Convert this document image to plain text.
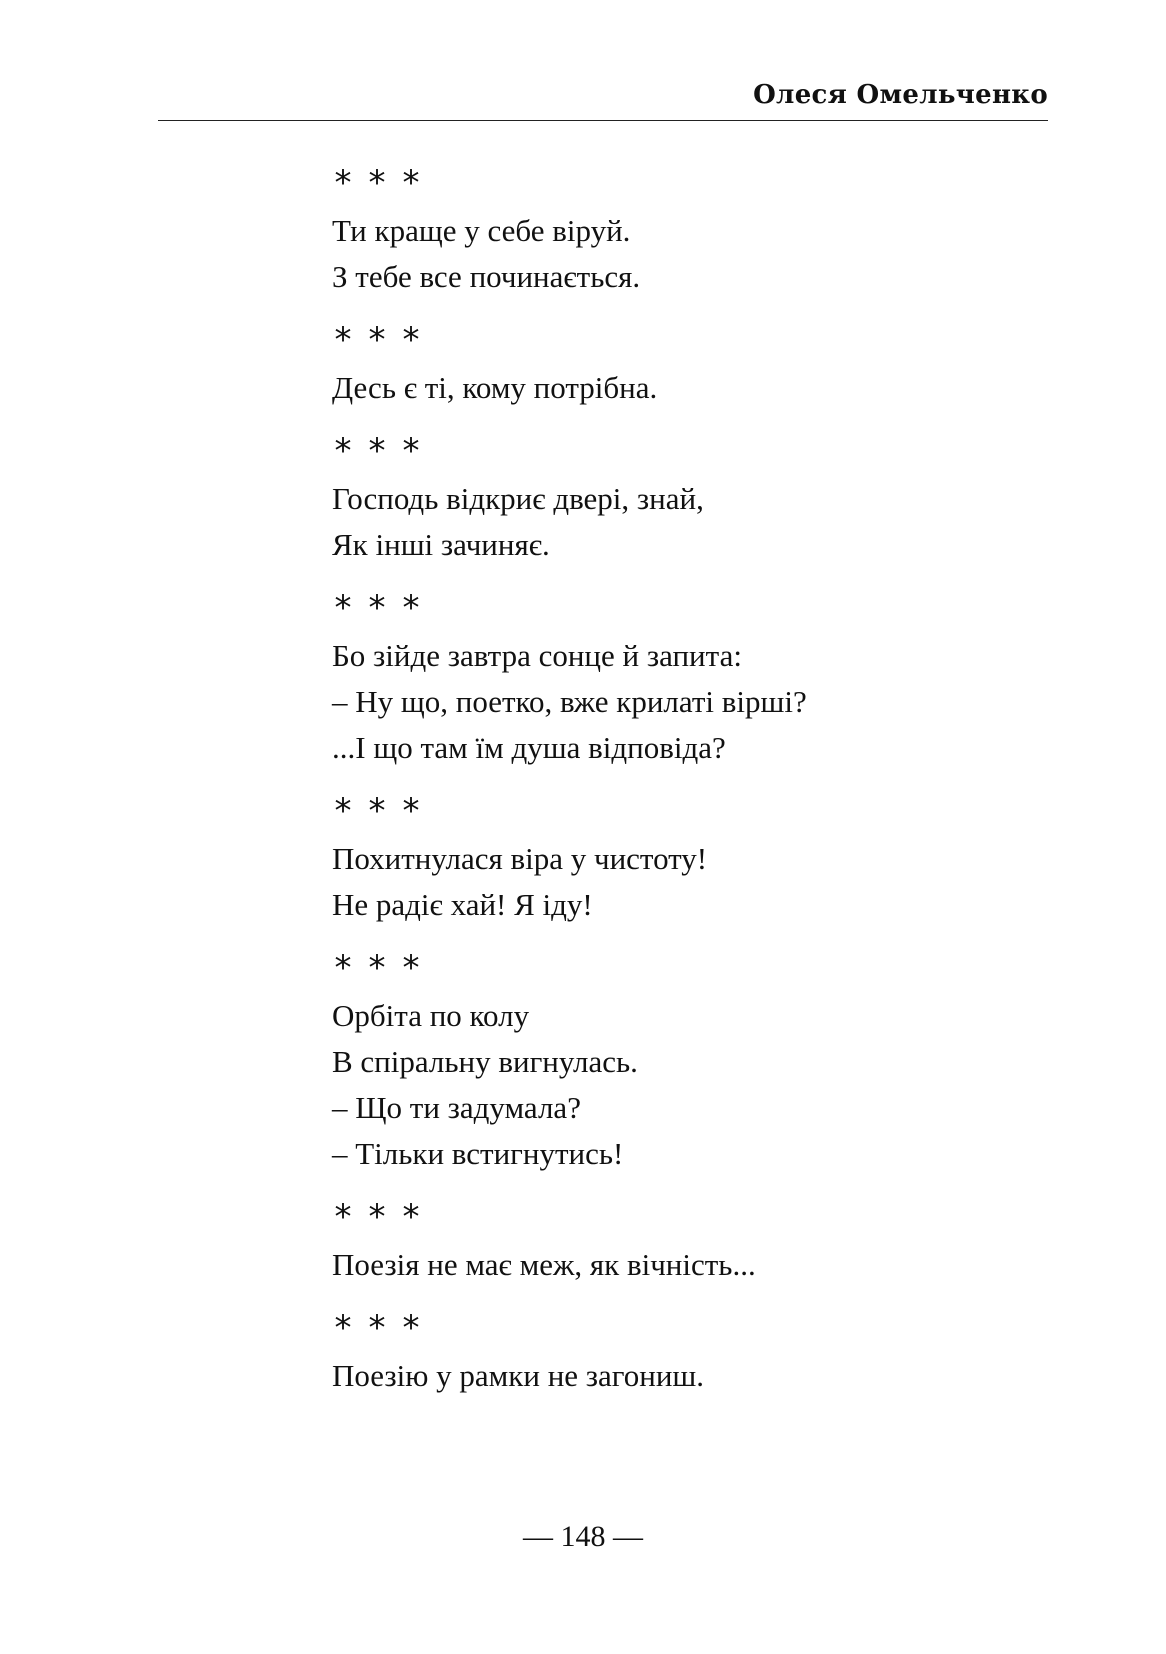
Олеся Омельченко
* * *
Ти краще у себе віруй.
З тебе все починається.
* * *
Десь є ті, кому потрібна.
* * *
Господь відкриє двері, знай,
Як інші зачиняє.
* * *
Бо зійде завтра сонце й запита:
– Ну що, поетко, вже крилаті вірші?
...І що там їм душа відповіда?
* * *
Похитнулася віра у чистоту!
Не радіє хай! Я іду!
* * *
Орбіта по колу
В спіральну вигнулась.
– Що ти задумала?
– Тільки встигнутись!
* * *
Поезія не має меж, як вічність...
* * *
Поезію у рамки не загониш.
— 148 —
